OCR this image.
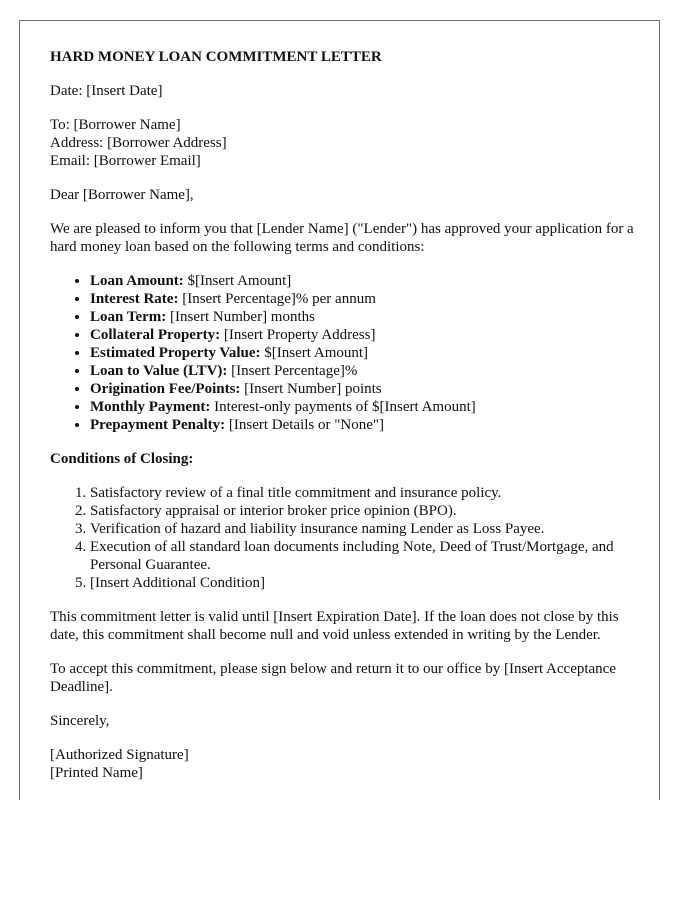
HARD MONEY LOAN COMMITMENT LETTER

Date: [Insert Date]

To: [Borrower Name]
Address: [Borrower Address]
Email: [Borrower Email]

Dear [Borrower Name],

We are pleased to inform you that [Lender Name] ("Lender") has approved your application for a hard money loan based on the following terms and conditions:

• Loan Amount: $[Insert Amount]
• Interest Rate: [Insert Percentage]% per annum
• Loan Term: [Insert Number] months
• Collateral Property: [Insert Property Address]
• Estimated Property Value: $[Insert Amount]
• Loan to Value (LTV): [Insert Percentage]%
• Origination Fee/Points: [Insert Number] points
• Monthly Payment: Interest-only payments of $[Insert Amount]
• Prepayment Penalty: [Insert Details or "None"]

Conditions of Closing:

1. Satisfactory review of a final title commitment and insurance policy.
2. Satisfactory appraisal or interior broker price opinion (BPO).
3. Verification of hazard and liability insurance naming Lender as Loss Payee.
4. Execution of all standard loan documents including Note, Deed of Trust/Mortgage, and Personal Guarantee.
5. [Insert Additional Condition]

This commitment letter is valid until [Insert Expiration Date]. If the loan does not close by this date, this commitment shall become null and void unless extended in writing by the Lender.

To accept this commitment, please sign below and return it to our office by [Insert Acceptance Deadline].

Sincerely,

[Authorized Signature]
[Printed Name]
